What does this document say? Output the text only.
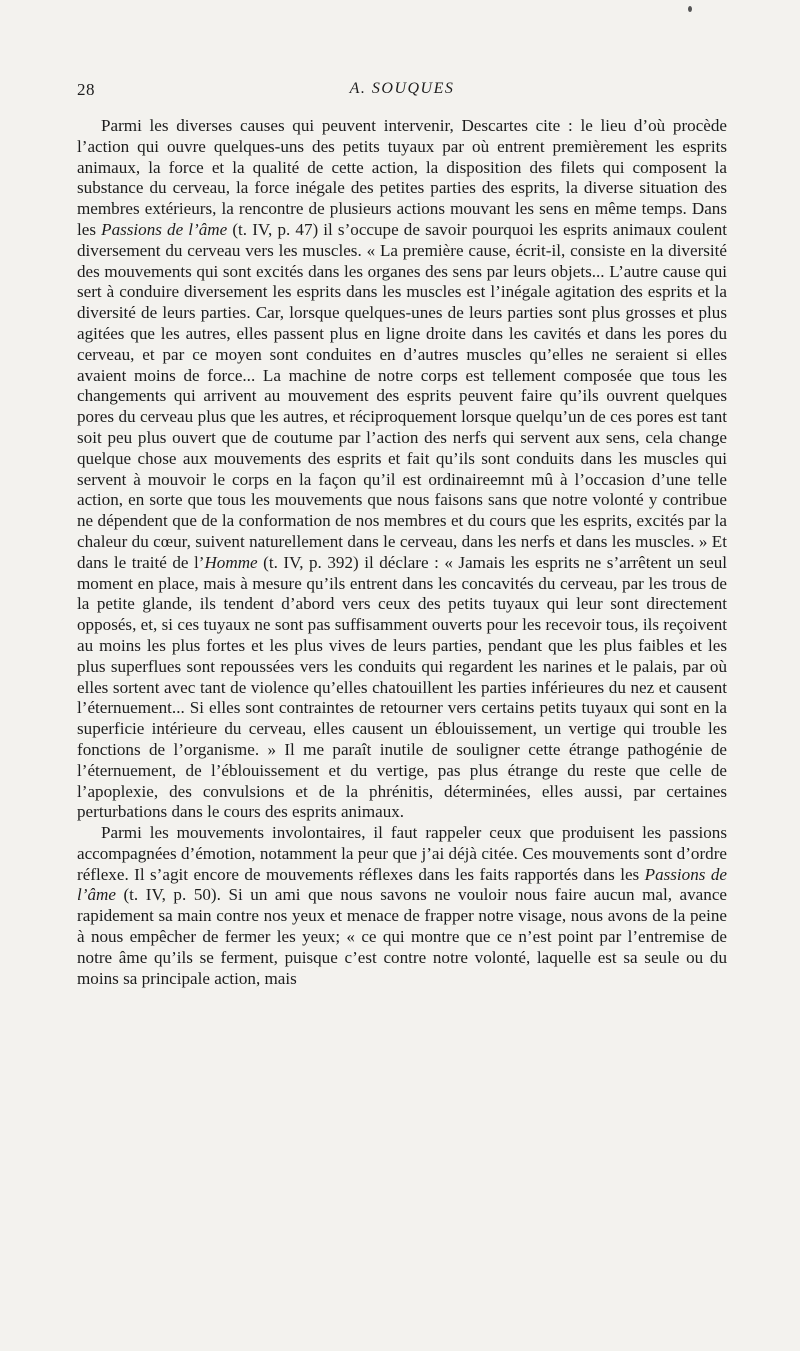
28	A. SOUQUES

Parmi les diverses causes qui peuvent intervenir, Descartes cite : le lieu d’où procède l’action qui ouvre quelques-uns des petits tuyaux par où entrent premièrement les esprits animaux, la force et la qualité de cette action, la disposition des filets qui composent la substance du cerveau, la force inégale des petites parties des esprits, la diverse situation des membres extérieurs, la rencontre de plusieurs actions mouvant les sens en même temps. Dans les Passions de l’âme (t. IV, p. 47) il s’occupe de savoir pourquoi les esprits animaux coulent diversement du cerveau vers les muscles. « La première cause, écrit-il, consiste en la diversité des mouvements qui sont excités dans les organes des sens par leurs objets... L’autre cause qui sert à conduire diversement les esprits dans les muscles est l’inégale agitation des esprits et la diversité de leurs parties. Car, lorsque quelques-unes de leurs parties sont plus grosses et plus agitées que les autres, elles passent plus en ligne droite dans les cavités et dans les pores du cerveau, et par ce moyen sont conduites en d’autres muscles qu’elles ne seraient si elles avaient moins de force... La machine de notre corps est tellement composée que tous les changements qui arrivent au mouvement des esprits peuvent faire qu’ils ouvrent quelques pores du cerveau plus que les autres, et réciproquement lorsque quelqu’un de ces pores est tant soit peu plus ouvert que de coutume par l’action des nerfs qui servent aux sens, cela change quelque chose aux mouvements des esprits et fait qu’ils sont conduits dans les muscles qui servent à mouvoir le corps en la façon qu’il est ordinaireemnt mû à l’occasion d’une telle action, en sorte que tous les mouvements que nous faisons sans que notre volonté y contribue ne dépendent que de la conformation de nos membres et du cours que les esprits, excités par la chaleur du cœur, suivent naturellement dans le cerveau, dans les nerfs et dans les muscles. » Et dans le traité de l’Homme (t. IV, p. 392) il déclare : « Jamais les esprits ne s’arrêtent un seul moment en place, mais à mesure qu’ils entrent dans les concavités du cerveau, par les trous de la petite glande, ils tendent d’abord vers ceux des petits tuyaux qui leur sont directement opposés, et, si ces tuyaux ne sont pas suffisamment ouverts pour les recevoir tous, ils reçoivent au moins les plus fortes et les plus vives de leurs parties, pendant que les plus faibles et les plus superflues sont repoussées vers les conduits qui regardent les narines et le palais, par où elles sortent avec tant de violence qu’elles chatouillent les parties inférieures du nez et causent l’éternuement... Si elles sont contraintes de retourner vers certains petits tuyaux qui sont en la superficie intérieure du cerveau, elles causent un éblouissement, un vertige qui trouble les fonctions de l’organisme. » Il me paraît inutile de souligner cette étrange pathogénie de l’éternuement, de l’éblouissement et du vertige, pas plus étrange du reste que celle de l’apoplexie, des convulsions et de la phrénitis, déterminées, elles aussi, par certaines perturbations dans le cours des esprits animaux.

Parmi les mouvements involontaires, il faut rappeler ceux que produisent les passions accompagnées d’émotion, notamment la peur que j’ai déjà citée. Ces mouvements sont d’ordre réflexe. Il s’agit encore de mouvements réflexes dans les faits rapportés dans les Passions de l’âme (t. IV, p. 50). Si un ami que nous savons ne vouloir nous faire aucun mal, avance rapidement sa main contre nos yeux et menace de frapper notre visage, nous avons de la peine à nous empêcher de fermer les yeux; « ce qui montre que ce n’est point par l’entremise de notre âme qu’ils se ferment, puisque c’est contre notre volonté, laquelle est sa seule ou du moins sa principale action, mais
